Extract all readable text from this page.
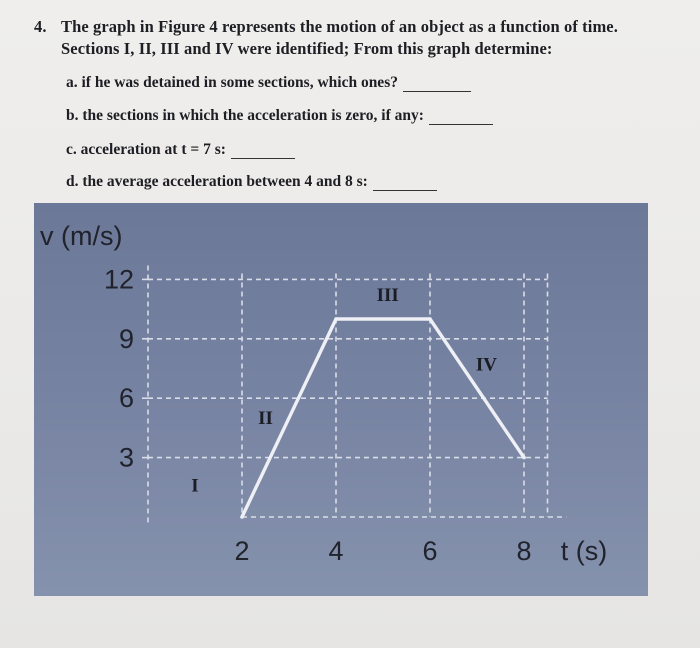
4. The graph in Figure 4 represents the motion of an object as a function of time. Sections I, II, III and IV were identified; From this graph determine:
a. if he was detained in some sections, which ones?
b. the sections in which the acceleration is zero, if any:
c. acceleration at t = 7 s:
d. the average acceleration between 4 and 8 s:
v (m/s)
12
9
6
3
2	4	6	8 t (s)
I
II
III
IV
